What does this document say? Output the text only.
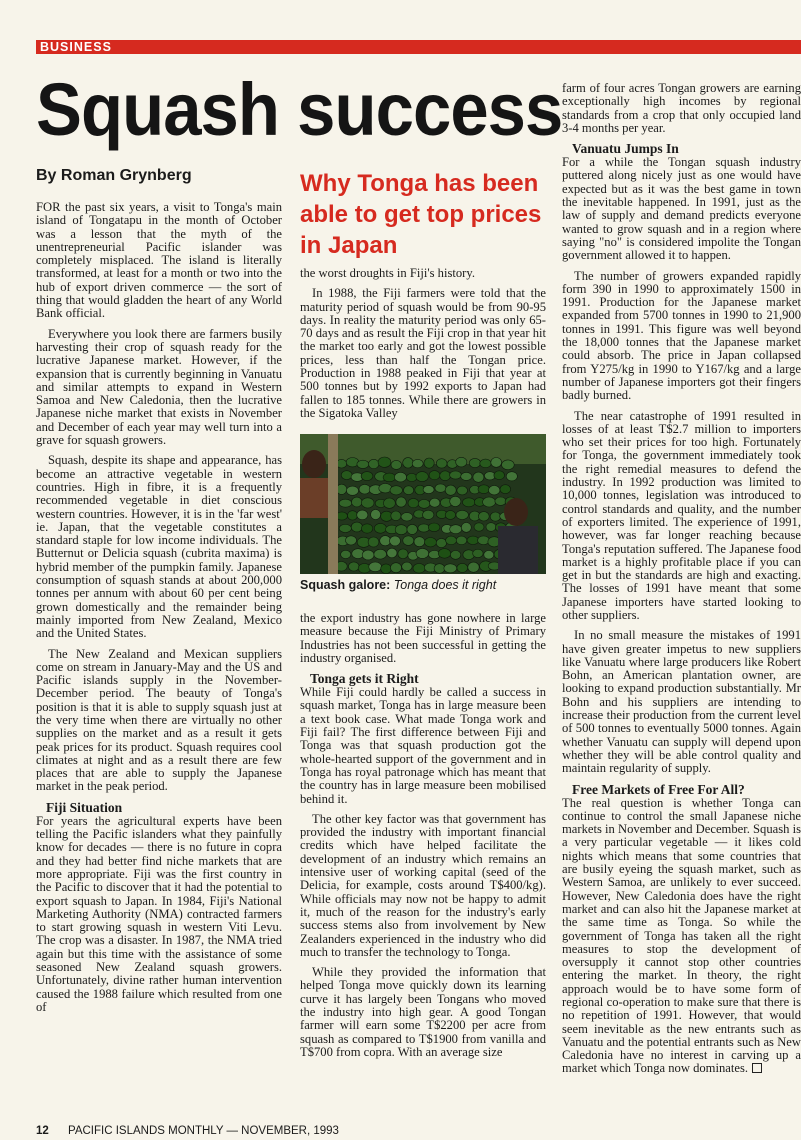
BUSINESS
Squash success
By Roman Grynberg

FOR the past six years, a visit to Tonga's main island of Tongatapu in the month of October was a lesson that the myth of the unentrepreneurial Pacific islander was completely misplaced. The island is literally transformed, at least for a month or two into the hub of export driven commerce — the sort of thing that would gladden the heart of any World Bank official.

Everywhere you look there are farmers busily harvesting their crop of squash ready for the lucrative Japanese market. However, if the expansion that is currently beginning in Vanuatu and similar attempts to expand in Western Samoa and New Caledonia, then the lucrative Japanese niche market that exists in November and December of each year may well turn into a grave for squash growers.

Squash, despite its shape and appearance, has become an attractive vegetable in western countries. High in fibre, it is a frequently recommended vegetable in diet conscious western countries. However, it is in the 'far west' ie. Japan, that the vegetable constitutes a standard staple for low income individuals. The Butternut or Delicia squash (cubrita maxima) is hybrid member of the pumpkin family. Japanese consumption of squash stands at about 200,000 tonnes per annum with about 60 per cent being grown domestically and the remainder being mainly imported from New Zealand, Mexico and the United States.

The New Zealand and Mexican suppliers come on stream in January-May and the US and Pacific islands supply in the November-December period. The beauty of Tonga's position is that it is able to supply squash just at the very time when there are virtually no other supplies on the market and as a result it gets peak prices for its product. Squash requires cool climates at night and as a result there are few places that are able to supply the Japanese market in the peak period.

Fiji Situation

For years the agricultural experts have been telling the Pacific islanders what they painfully know for decades — there is no future in copra and they had better find niche markets that are more appropriate. Fiji was the first country in the Pacific to discover that it had the potential to export squash to Japan. In 1984, Fiji's National Marketing Authority (NMA) contracted farmers to start growing squash in western Viti Levu. The crop was a disaster. In 1987, the NMA tried again but this time with the assistance of some seasoned New Zealand squash growers. Unfortunately, divine rather human intervention caused the 1988 failure which resulted from one of

Why Tonga has been able to get top prices in Japan

the worst droughts in Fiji's history.

In 1988, the Fiji farmers were told that the maturity period of squash would be from 90-95 days. In reality the maturity period was only 65-70 days and as result the Fiji crop in that year hit the market too early and got the lowest possible prices, less than half the Tongan price. Production in 1988 peaked in Fiji that year at 500 tonnes but by 1992 exports to Japan had fallen to 185 tonnes. While there are growers in the Sigatoka Valley

Squash galore: Tonga does it right

the export industry has gone nowhere in large measure because the Fiji Ministry of Primary Industries has not been successful in getting the industry organised.

Tonga gets it Right

While Fiji could hardly be called a success in squash market, Tonga has in large measure been a text book case. What made Tonga work and Fiji fail? The first difference between Fiji and Tonga was that squash production got the whole-hearted support of the government and in Tonga has royal patronage which has meant that the country has in large measure been mobilised behind it.

The other key factor was that government has provided the industry with important financial credits which have helped facilitate the development of an industry which remains an intensive user of working capital (seed of the Delicia, for example, costs around T$400/kg). While officials may now not be happy to admit it, much of the reason for the industry's early success stems also from involvement by New Zealanders experienced in the industry who did much to transfer the technology to Tonga.

While they provided the information that helped Tonga move quickly down its learning curve it has largely been Tongans who moved the industry into high gear. A good Tongan farmer will earn some T$2200 per acre from squash as compared to T$1900 from vanilla and T$700 from copra. With an average size

farm of four acres Tongan growers are earning exceptionally high incomes by regional standards from a crop that only occupied land 3-4 months per year.

Vanuatu Jumps In

For a while the Tongan squash industry puttered along nicely just as one would have expected but as it was the best game in town the inevitable happened. In 1991, just as the law of supply and demand predicts everyone wanted to grow squash and in a region where saying "no" is considered impolite the Tongan government allowed it to happen.

The number of growers expanded rapidly form 390 in 1990 to approximately 1500 in 1991. Production for the Japanese market expanded from 5700 tonnes in 1990 to 21,900 tonnes in 1991. This figure was well beyond the 18,000 tonnes that the Japanese market could absorb. The price in Japan collapsed from Y275/kg in 1990 to Y167/kg and a large number of Japanese importers got their fingers badly burned.

The near catastrophe of 1991 resulted in losses of at least T$2.7 million to importers who set their prices for too high. Fortunately for Tonga, the government immediately took the right remedial measures to defend the industry. In 1992 production was limited to 10,000 tonnes, legislation was introduced to control standards and quality, and the number of exporters limited. The experience of 1991, however, was far longer reaching because Tonga's reputation suffered. The Japanese food market is a highly profitable place if you can get in but the standards are high and exacting. The losses of 1991 have meant that some Japanese importers have started looking to other suppliers.

In no small measure the mistakes of 1991 have given greater impetus to new suppliers like Vanuatu where large producers like Robert Bohn, an American plantation owner, are looking to expand production substantially. Mr Bohn and his suppliers are intending to increase their production from the current level of 500 tonnes to eventually 5000 tonnes. Again whether Vanuatu can supply will depend upon whether they will be able control quality and maintain regularity of supply.

Free Markets of Free For All?

The real question is whether Tonga can continue to control the small Japanese niche markets in November and December. Squash is a very particular vegetable — it likes cold nights which means that some countries that are busily eyeing the squash market, such as Western Samoa, are unlikely to ever succeed. However, New Caledonia does have the right market and can also hit the Japanese market at the same time as Tonga. So while the government of Tonga has taken all the right measures to stop the development of oversupply it cannot stop other countries entering the market. In theory, the right approach would be to have some form of regional co-operation to make sure that there is no repetition of 1991. However, that would seem inevitable as the new entrants such as Vanuatu and the potential entrants such as New Caledonia have no interest in carving up a market which Tonga now dominates.

12 PACIFIC ISLANDS MONTHLY — NOVEMBER, 1993
